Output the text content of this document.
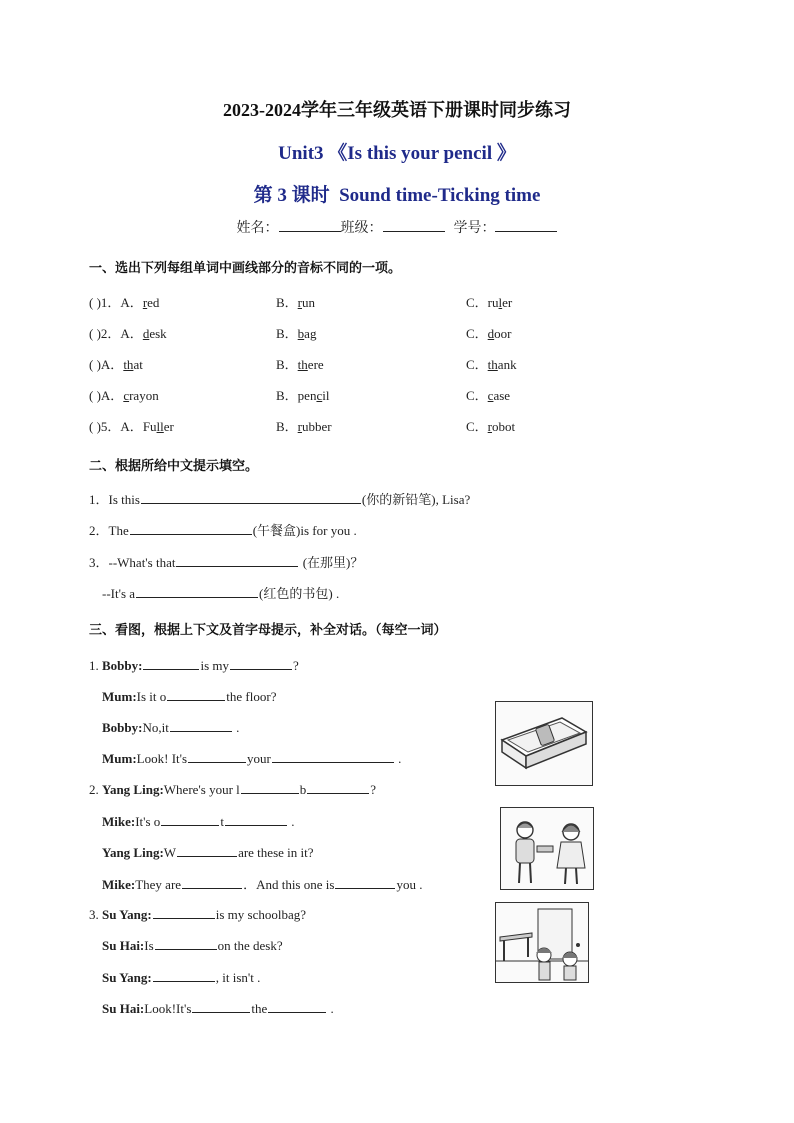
2023-2024学年三年级英语下册课时同步练习
Unit3 《Is this your pencil 》
第 3 课时 Sound time-Ticking time
姓名：	班级：	学号：
一、选出下列每组单词中画线部分的音标不同的一项。
( )1．A．red	B．run	C．ruler
( )2．A．desk	B．bag	C．door
( )A．that	B．there	C．thank
( )A．crayon	B．pencil	C．case
( )5．A．Fuller	B．rubber	C．robot
二、根据所给中文提示填空。
1．Is this	(你的新铅笔), Lisa?
2．The	(午餐盒)is for you .
3．--What's that	(在那里)？
--It's a	(红色的书包) .
三、看图，根据上下文及首字母提示，补全对话。（每空一词）
1. Bobby:	is my	?
Mum:Is it o	the floor?
Bobby:No,it	.
Mum:Look! It's	your	.
2. Yang Ling:Where's your l	b	?
Mike:It's o	t	.
Yang Ling:W	are these in it?
Mike:They are	．And this one is	you .
3. Su Yang:	is my schoolbag?
Su Hai:Is	on the desk?
Su Yang:	, it isn't .
Su Hai:Look!It's	the	.
